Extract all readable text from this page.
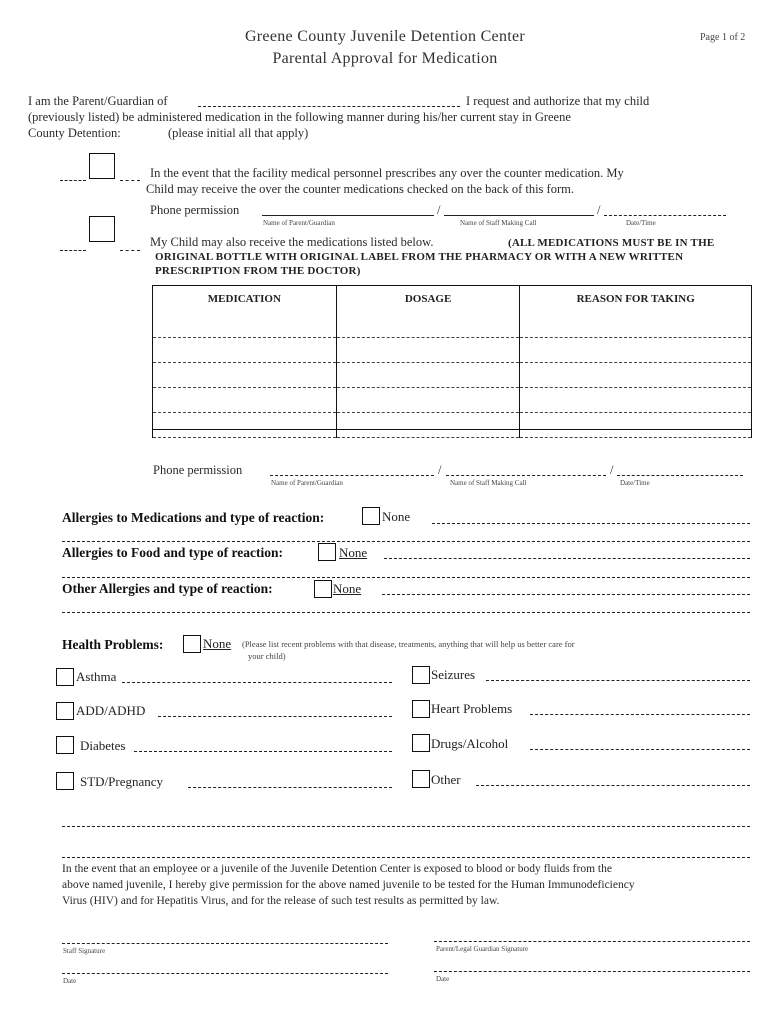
Greene County Juvenile Detention Center
Parental Approval for Medication
Page 1 of 2
I am the Parent/Guardian of	I request and authorize that my child
(previously listed) be administered medication in the following manner during his/her current stay in Greene
County Detention:	(please initial all that apply)
In the event that the facility medical personnel prescribes any over the counter medication. My
Child may receive the over the counter medications checked on the back of this form.
Phone permission	/	/
Name of Parent/Guardian	Name of Staff Making Call	Date/Time
My Child may also receive the medications listed below.	(ALL MEDICATIONS MUST BE IN THE
ORIGINAL BOTTLE WITH ORIGINAL LABEL FROM THE PHARMACY OR WITH A NEW WRITTEN
PRESCRIPTION FROM THE DOCTOR)
MEDICATION	DOSAGE	REASON FOR TAKING

Phone permission	/	/
Name of Parent/Guardian	Name of Staff Making Call	Date/Time
Allergies to Medications and type of reaction:	None
Allergies to Food and type of reaction:	None
Other Allergies and type of reaction:	None
Health Problems:	None (Please list recent problems with that disease, treatments, anything that will help us better care for
your child)
Asthma	Seizures
ADD/ADHD	Heart Problems
Diabetes	Drugs/Alcohol
STD/Pregnancy	Other
In the event that an employee or a juvenile of the Juvenile Detention Center is exposed to blood or body fluids from the
above named juvenile, I hereby give permission for the above named juvenile to be tested for the Human Immunodeficiency
Virus (HIV) and for Hepatitis Virus, and for the release of such test results as permitted by law.
Staff Signature	Parent/Legal Guardian Signature
Date	Date
